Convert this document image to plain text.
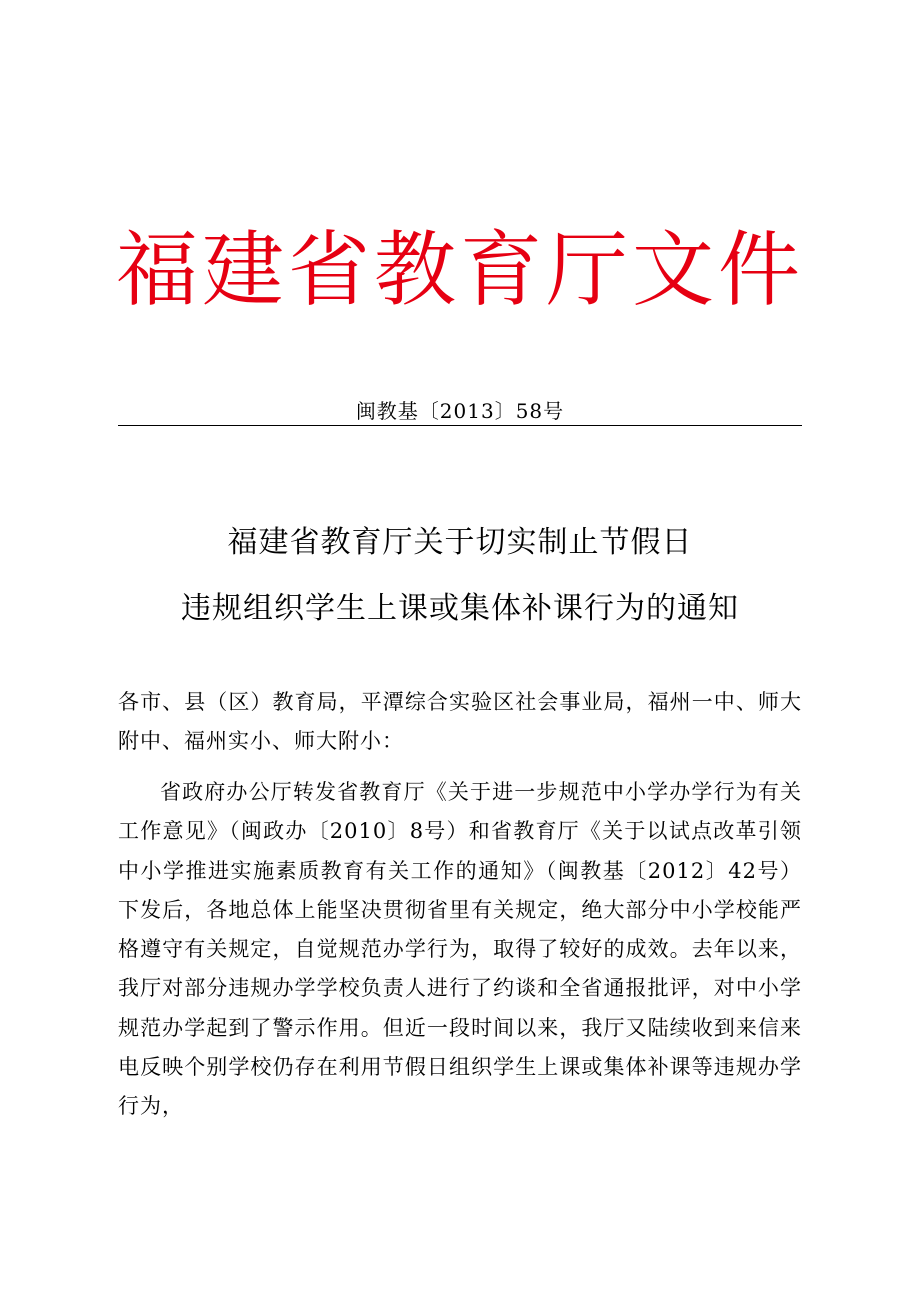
福建省教育厅文件
闽教基〔2013〕58号
福建省教育厅关于切实制止节假日
违规组织学生上课或集体补课行为的通知
各市、县（区）教育局，平潭综合实验区社会事业局，福州一中、师大附中、福州实小、师大附小：
省政府办公厅转发省教育厅《关于进一步规范中小学办学行为有关工作意见》（闽政办〔2010〕8号）和省教育厅《关于以试点改革引领中小学推进实施素质教育有关工作的通知》（闽教基〔2012〕42号）下发后，各地总体上能坚决贯彻省里有关规定，绝大部分中小学校能严格遵守有关规定，自觉规范办学行为，取得了较好的成效。去年以来，我厅对部分违规办学学校负责人进行了约谈和全省通报批评，对中小学规范办学起到了警示作用。但近一段时间以来，我厅又陆续收到来信来电反映个别学校仍存在利用节假日组织学生上课或集体补课等违规办学行为，
